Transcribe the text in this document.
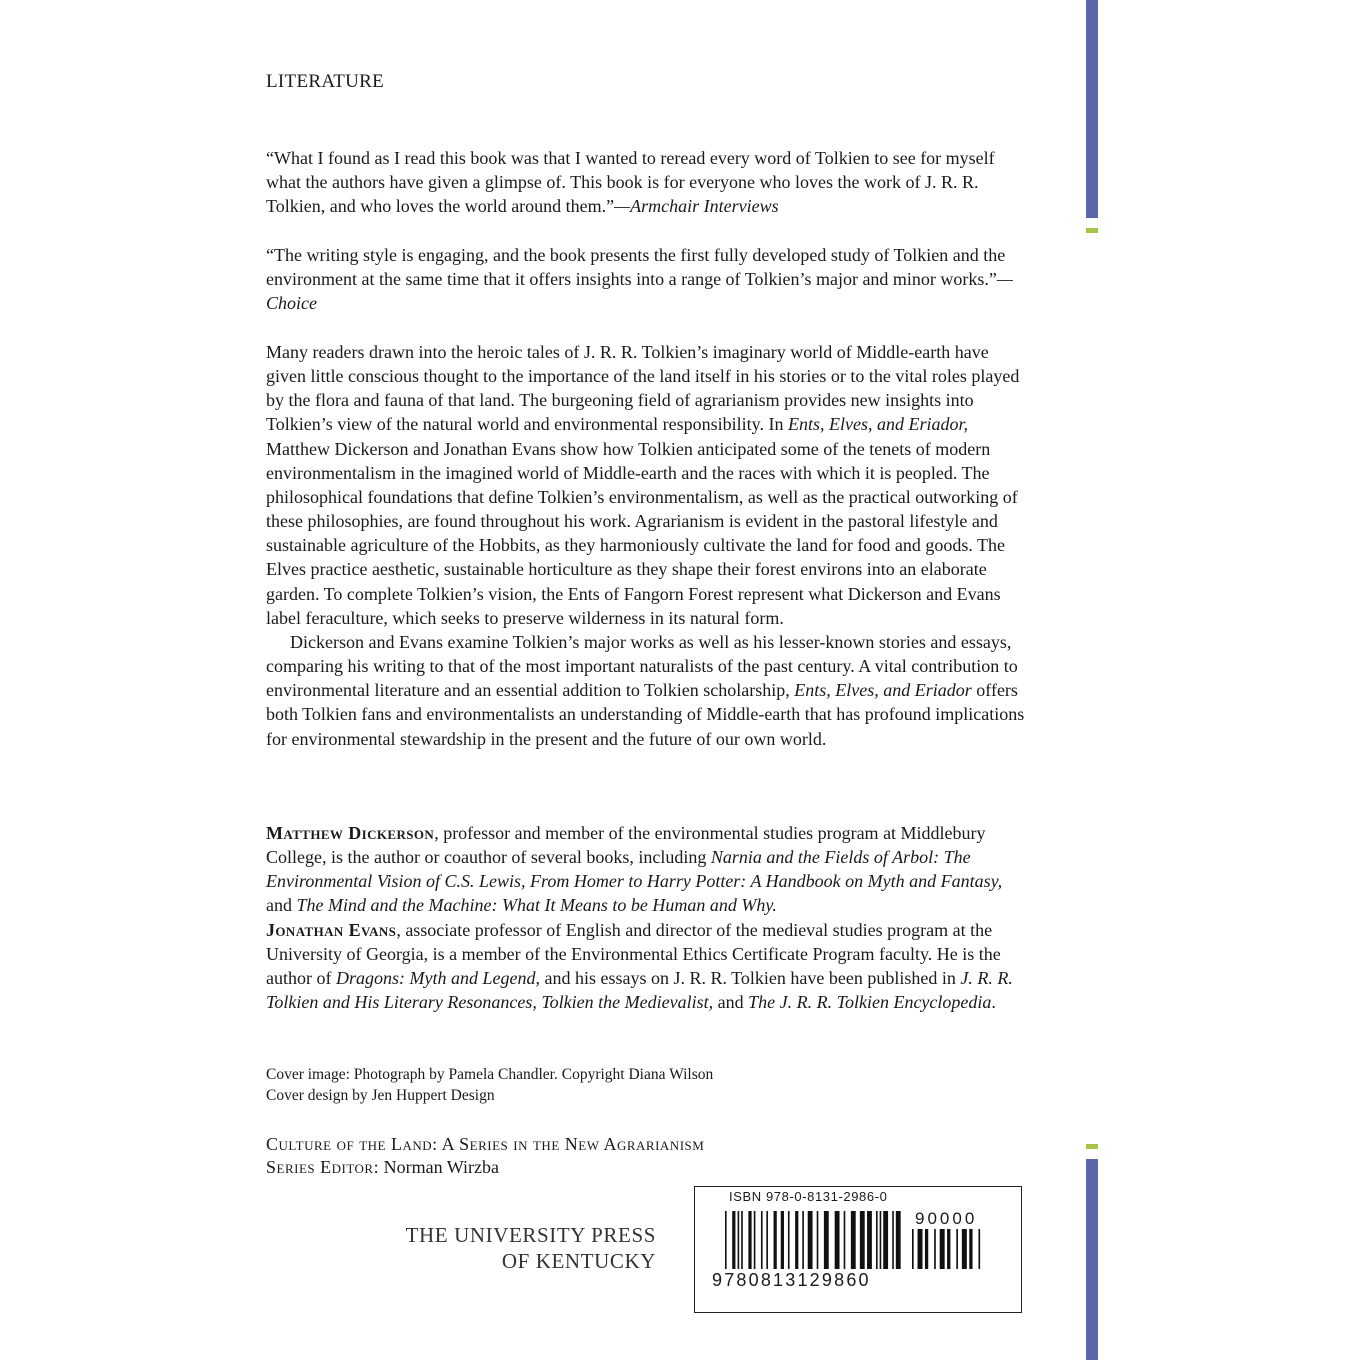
LITERATURE

“What I found as I read this book was that I wanted to reread every word of Tolkien to see for myself what the authors have given a glimpse of. This book is for everyone who loves the work of J. R. R. Tolkien, and who loves the world around them.”—Armchair Interviews

“The writing style is engaging, and the book presents the first fully developed study of Tolkien and the environment at the same time that it offers insights into a range of Tolkien’s major and minor works.”—Choice

Many readers drawn into the heroic tales of J. R. R. Tolkien’s imaginary world of Middle-earth have given little conscious thought to the importance of the land itself in his stories or to the vital roles played by the flora and fauna of that land. The burgeoning field of agrarianism provides new insights into Tolkien’s view of the natural world and environmental responsibility. In Ents, Elves, and Eriador, Matthew Dickerson and Jonathan Evans show how Tolkien anticipated some of the tenets of modern environmentalism in the imagined world of Middle-earth and the races with which it is peopled. The philosophical foundations that define Tolkien’s environmentalism, as well as the practical outworking of these philosophies, are found throughout his work. Agrarianism is evident in the pastoral lifestyle and sustainable agriculture of the Hobbits, as they harmoniously cultivate the land for food and goods. The Elves practice aesthetic, sustainable horticulture as they shape their forest environs into an elaborate garden. To complete Tolkien’s vision, the Ents of Fangorn Forest represent what Dickerson and Evans label feraculture, which seeks to preserve wilderness in its natural form.

Dickerson and Evans examine Tolkien’s major works as well as his lesser-known stories and essays, comparing his writing to that of the most important naturalists of the past century. A vital contribution to environmental literature and an essential addition to Tolkien scholarship, Ents, Elves, and Eriador offers both Tolkien fans and environmentalists an understanding of Middle-earth that has profound implications for environmental stewardship in the present and the future of our own world.

Matthew Dickerson, professor and member of the environmental studies program at Middlebury College, is the author or coauthor of several books, including Narnia and the Fields of Arbol: The Environmental Vision of C.S. Lewis, From Homer to Harry Potter: A Handbook on Myth and Fantasy, and The Mind and the Machine: What It Means to be Human and Why.
Jonathan Evans, associate professor of English and director of the medieval studies program at the University of Georgia, is a member of the Environmental Ethics Certificate Program faculty. He is the author of Dragons: Myth and Legend, and his essays on J. R. R. Tolkien have been published in J. R. R. Tolkien and His Literary Resonances, Tolkien the Medievalist, and The J. R. R. Tolkien Encyclopedia.

Cover image: Photograph by Pamela Chandler. Copyright Diana Wilson
Cover design by Jen Huppert Design
Culture of the Land: A Series in the New Agrarianism
Series Editor: Norman Wirzba
THE UNIVERSITY PRESS
OF KENTUCKY
ISBN 978-0-8131-2986-0
90000
9780813129860
